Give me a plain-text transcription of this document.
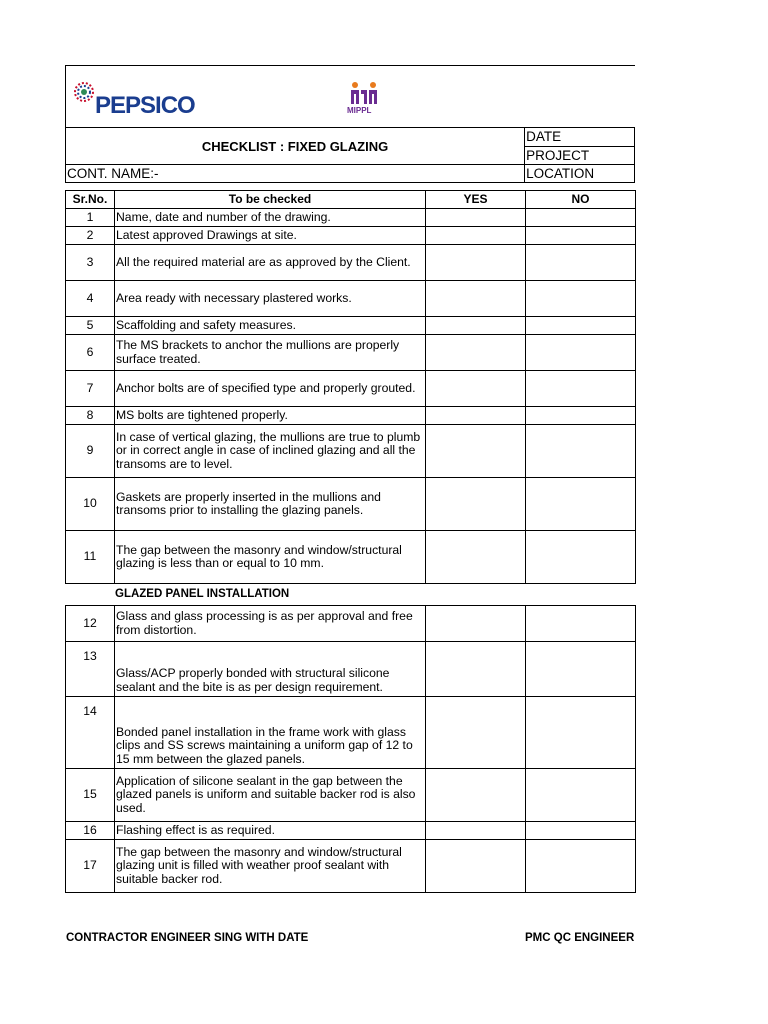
PEPSICO	MIPPL
CHECKLIST : FIXED GLAZING	DATE
	PROJECT
CONT. NAME:-	LOCATION
Sr.No.	To be checked	YES	NO
1	Name, date and number of the drawing.		
2	Latest approved Drawings at site.		
3	All the required material are as approved by the Client.		
4	Area ready with necessary plastered works.		
5	Scaffolding and safety measures.		
6	The MS brackets to anchor the mullions are properly surface treated.		
7	Anchor bolts are of specified type and properly grouted.		
8	MS bolts are tightened properly.		
9	In case of vertical glazing, the mullions are true to plumb or in correct angle in case of inclined glazing and all the transoms are to level.		
10	Gaskets are properly inserted in the mullions and transoms prior to installing the glazing panels.		
11	The gap between the masonry and window/structural glazing is less than or equal to 10 mm.		
GLAZED PANEL INSTALLATION
12	Glass and glass processing is as per approval and free from distortion.		
13	Glass/ACP properly bonded with structural silicone sealant and the bite is as per design requirement.		
14	Bonded panel installation in the frame work with glass clips and SS screws maintaining a uniform gap of 12 to 15 mm between the glazed panels.		
15	Application of silicone sealant in the gap between the glazed panels is uniform and suitable backer rod is also used.		
16	Flashing effect is as required.		
17	The gap between the masonry and window/structural glazing unit is filled with weather proof sealant with suitable backer rod.		
CONTRACTOR ENGINEER SING WITH DATE	PMC QC ENGINEER
